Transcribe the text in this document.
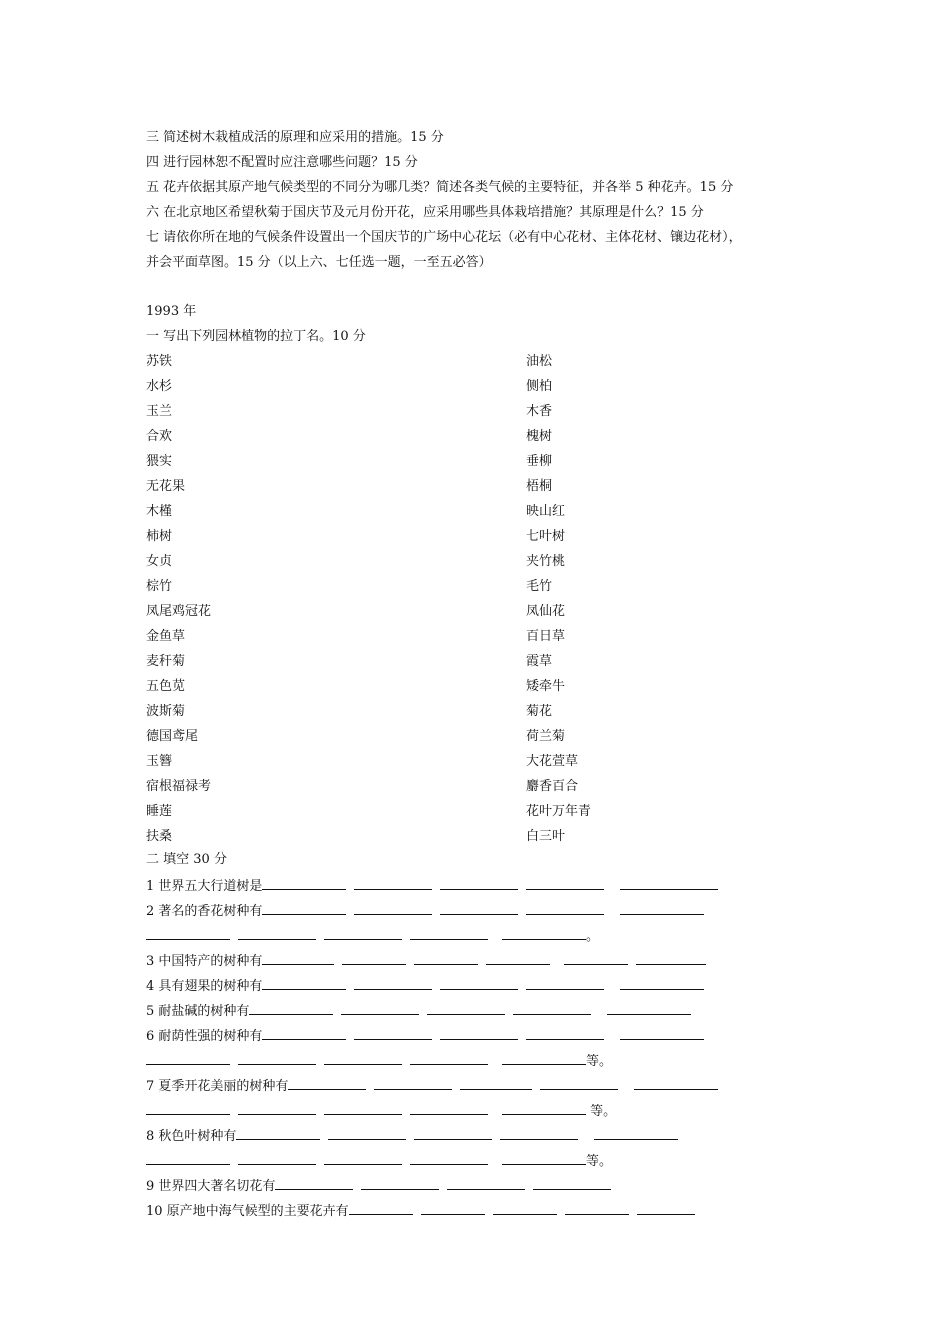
三 简述树木栽植成活的原理和应采用的措施。15 分
四 进行园林恕不配置时应注意哪些问题？15 分
五 花卉依据其原产地气候类型的不同分为哪几类？简述各类气候的主要特征，并各举 5 种花卉。15 分
六 在北京地区希望秋菊于国庆节及元月份开花，应采用哪些具体栽培措施？其原理是什么？15 分
七 请依你所在地的气候条件设置出一个国庆节的广场中心花坛（必有中心花材、主体花材、镶边花材），
并会平面草图。15 分（以上六、七任选一题，一至五必答）
1993 年
一 写出下列园林植物的拉丁名。10 分
苏铁
水杉
玉兰
合欢
猥实
无花果
木槿
柿树
女贞
棕竹
凤尾鸡冠花
金鱼草
麦秆菊
五色苋
波斯菊
德国鸢尾
玉簪
宿根福禄考
睡莲
扶桑
油松
侧柏
木香
槐树
垂柳
梧桐
映山红
七叶树
夹竹桃
毛竹
凤仙花
百日草
霞草
矮牵牛
菊花
荷兰菊
大花萱草
麝香百合
花叶万年青
白三叶
二 填空 30 分
1 世界五大行道树是
2 著名的香花树种有
。
3 中国特产的树种有
4 具有翅果的树种有
5 耐盐碱的树种有
6 耐荫性强的树种有
等。
7 夏季开花美丽的树种有
等。
8 秋色叶树种有
等。
9 世界四大著名切花有
10 原产地中海气候型的主要花卉有
